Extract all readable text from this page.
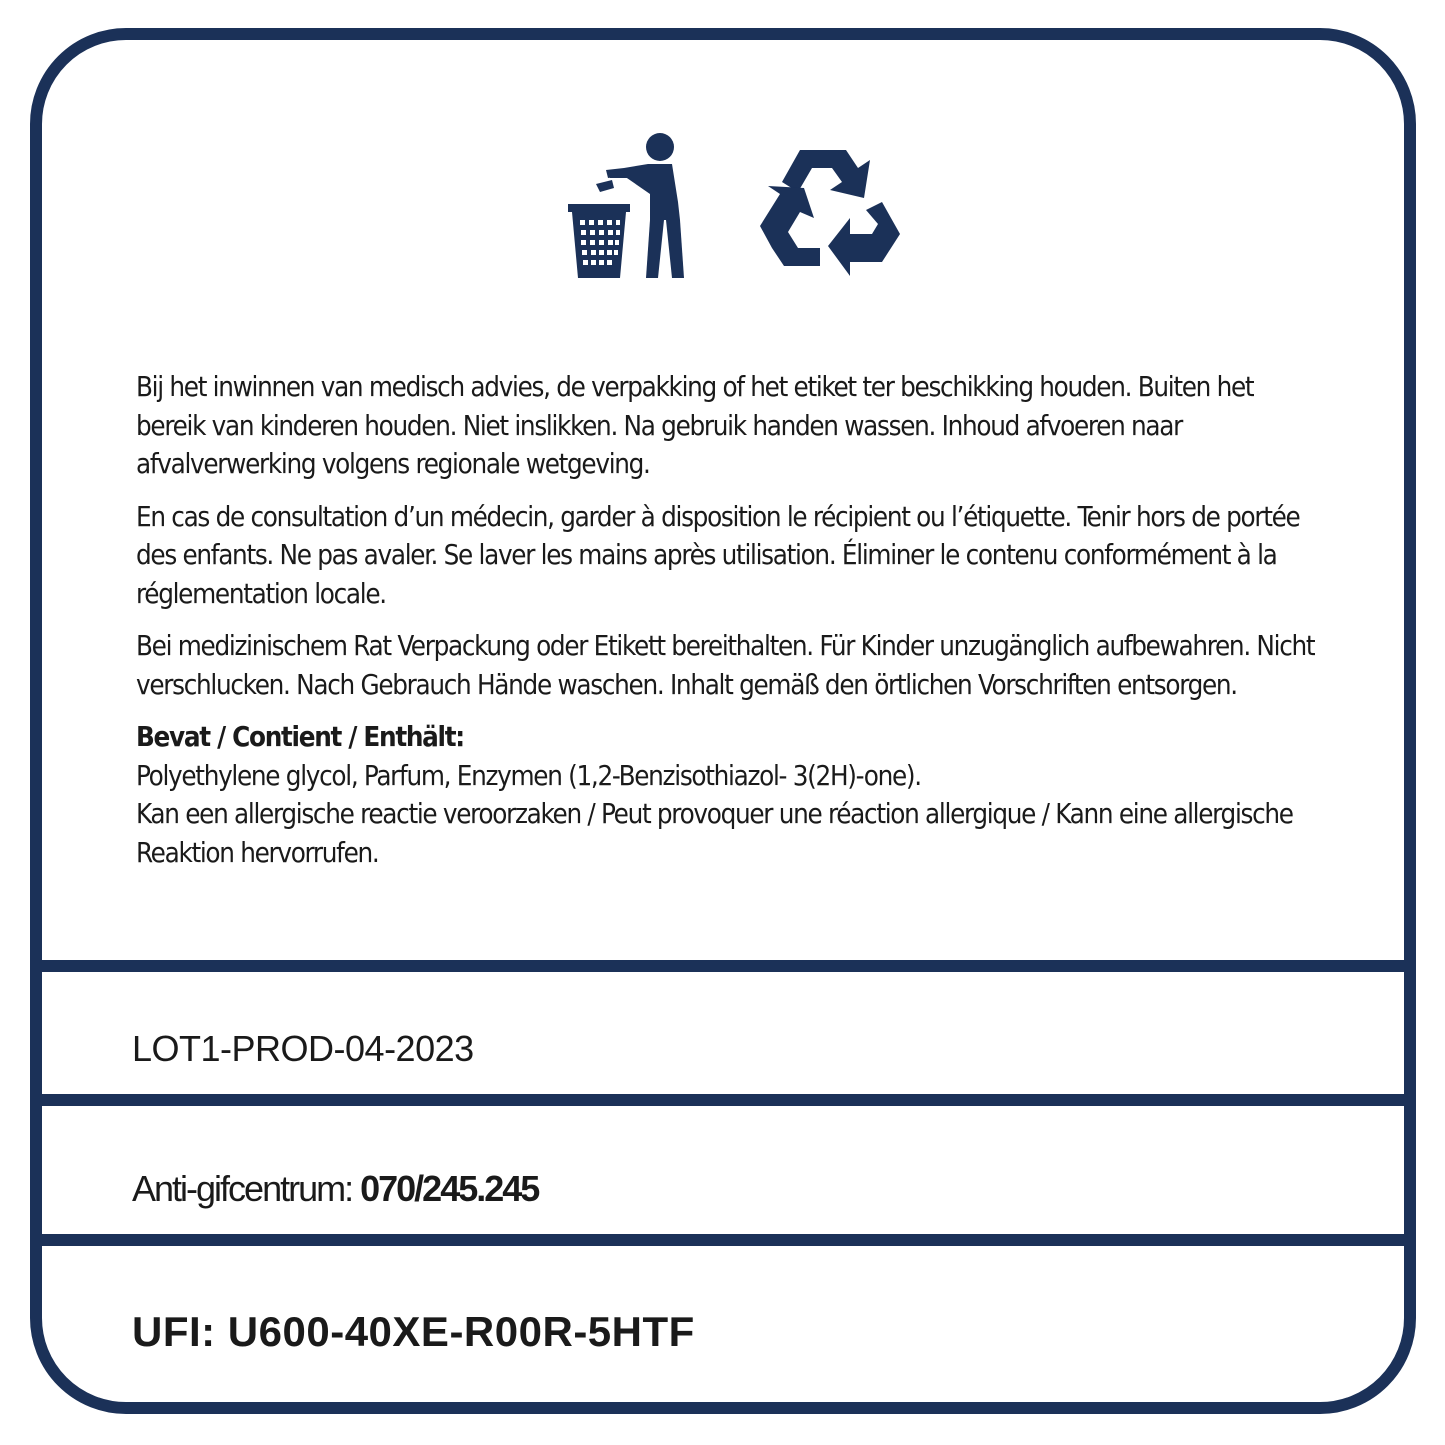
Bij het inwinnen van medisch advies, de verpakking of het etiket ter beschikking houden. Buiten het bereik van kinderen houden. Niet inslikken. Na gebruik handen wassen. Inhoud afvoeren naar afvalverwerking volgens regionale wetgeving.

En cas de consultation d’un médecin, garder à disposition le récipient ou l’étiquette. Tenir hors de portée des enfants. Ne pas avaler. Se laver les mains après utilisation. Éliminer le contenu conformément à la réglementation locale.

Bei medizinischem Rat Verpackung oder Etikett bereithalten. Für Kinder unzugänglich aufbewahren. Nicht verschlucken. Nach Gebrauch Hände waschen. Inhalt gemäß den örtlichen Vorschriften entsorgen.

Bevat / Contient / Enthält:
Polyethylene glycol, Parfum, Enzymen (1,2-Benzisothiazol- 3(2H)-one).
Kan een allergische reactie veroorzaken / Peut provoquer une réaction allergique / Kann eine allergische Reaktion hervorrufen.

LOT1-PROD-04-2023
Anti-gifcentrum: 070/245.245
UFI: U600-40XE-R00R-5HTF
